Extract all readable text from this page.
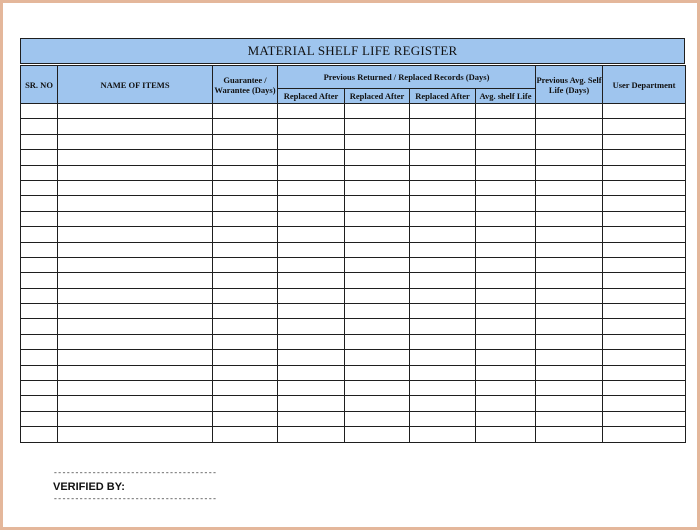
MATERIAL SHELF LIFE REGISTER
SR. NO	NAME OF ITEMS	Guarantee / Warantee (Days)	Previous Returned / Replaced Records (Days)				Previous Avg. Self Life (Days)	User Department
			Replaced After	Replaced After	Replaced After	Avg. shelf Life		

--------------------------------------
VERIFIED BY:
--------------------------------------
